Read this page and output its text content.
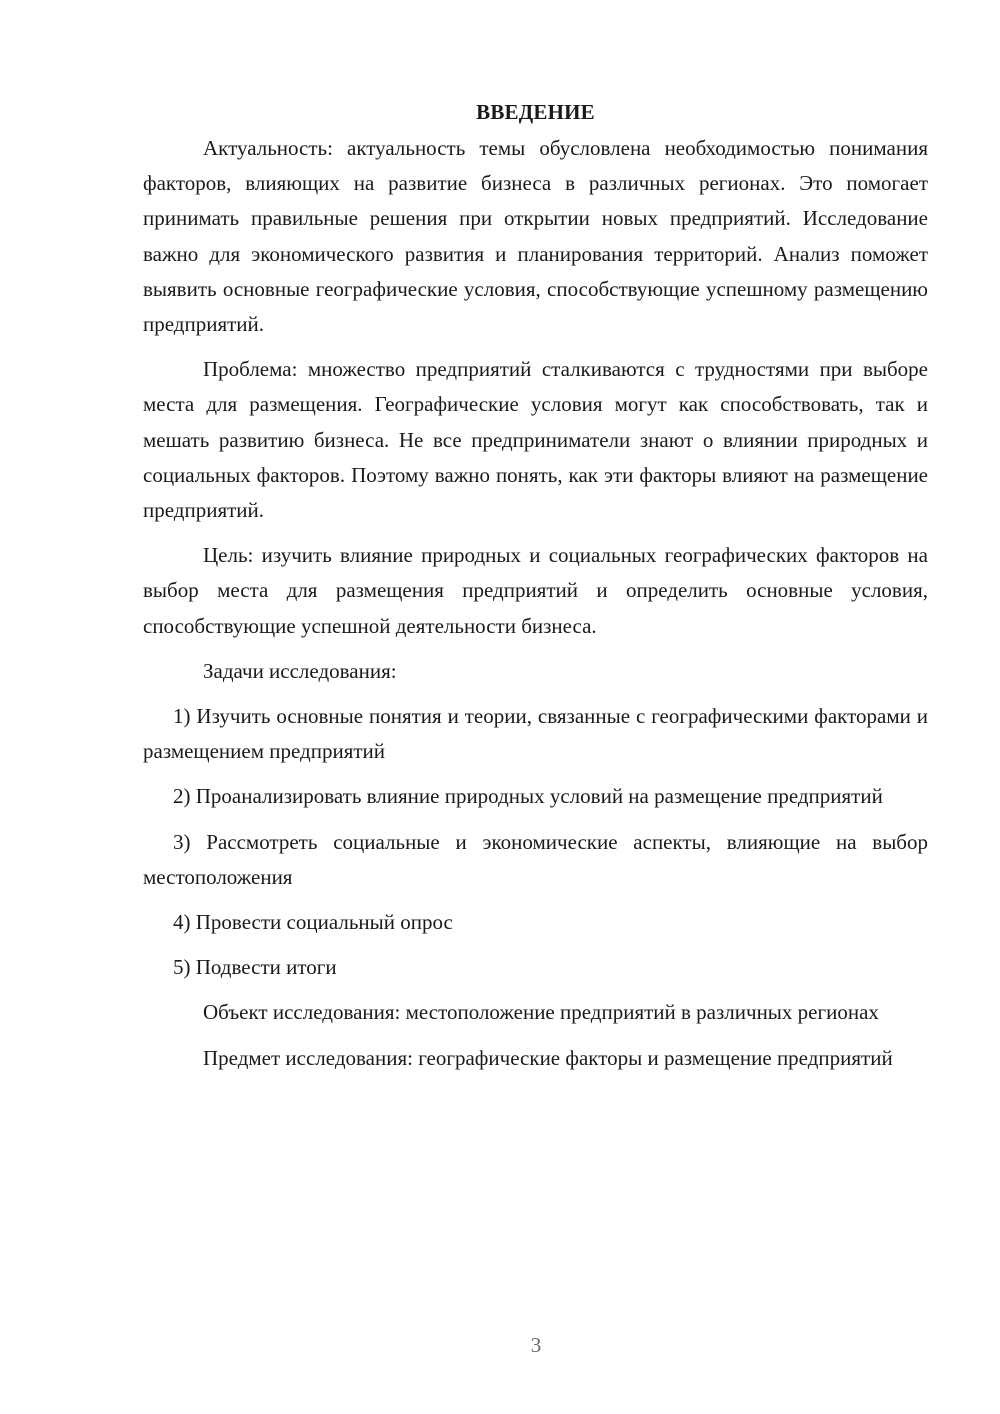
ВВЕДЕНИЕ

Актуальность: актуальность темы обусловлена необходимостью понимания факторов, влияющих на развитие бизнеса в различных регионах. Это помогает принимать правильные решения при открытии новых предприятий. Исследование важно для экономического развития и планирования территорий. Анализ поможет выявить основные географические условия, способствующие успешному размещению предприятий.

Проблема: множество предприятий сталкиваются с трудностями при выборе места для размещения. Географические условия могут как способствовать, так и мешать развитию бизнеса. Не все предприниматели знают о влиянии природных и социальных факторов. Поэтому важно понять, как эти факторы влияют на размещение предприятий.

Цель: изучить влияние природных и социальных географических факторов на выбор места для размещения предприятий и определить основные условия, способствующие успешной деятельности бизнеса.

Задачи исследования:

1) Изучить основные понятия и теории, связанные с географическими факторами и размещением предприятий

2) Проанализировать влияние природных условий на размещение предприятий

3) Рассмотреть социальные и экономические аспекты, влияющие на выбор местоположения

4) Провести социальный опрос

5) Подвести итоги

Объект исследования: местоположение предприятий в различных регионах

Предмет исследования: географические факторы и размещение предприятий

3
